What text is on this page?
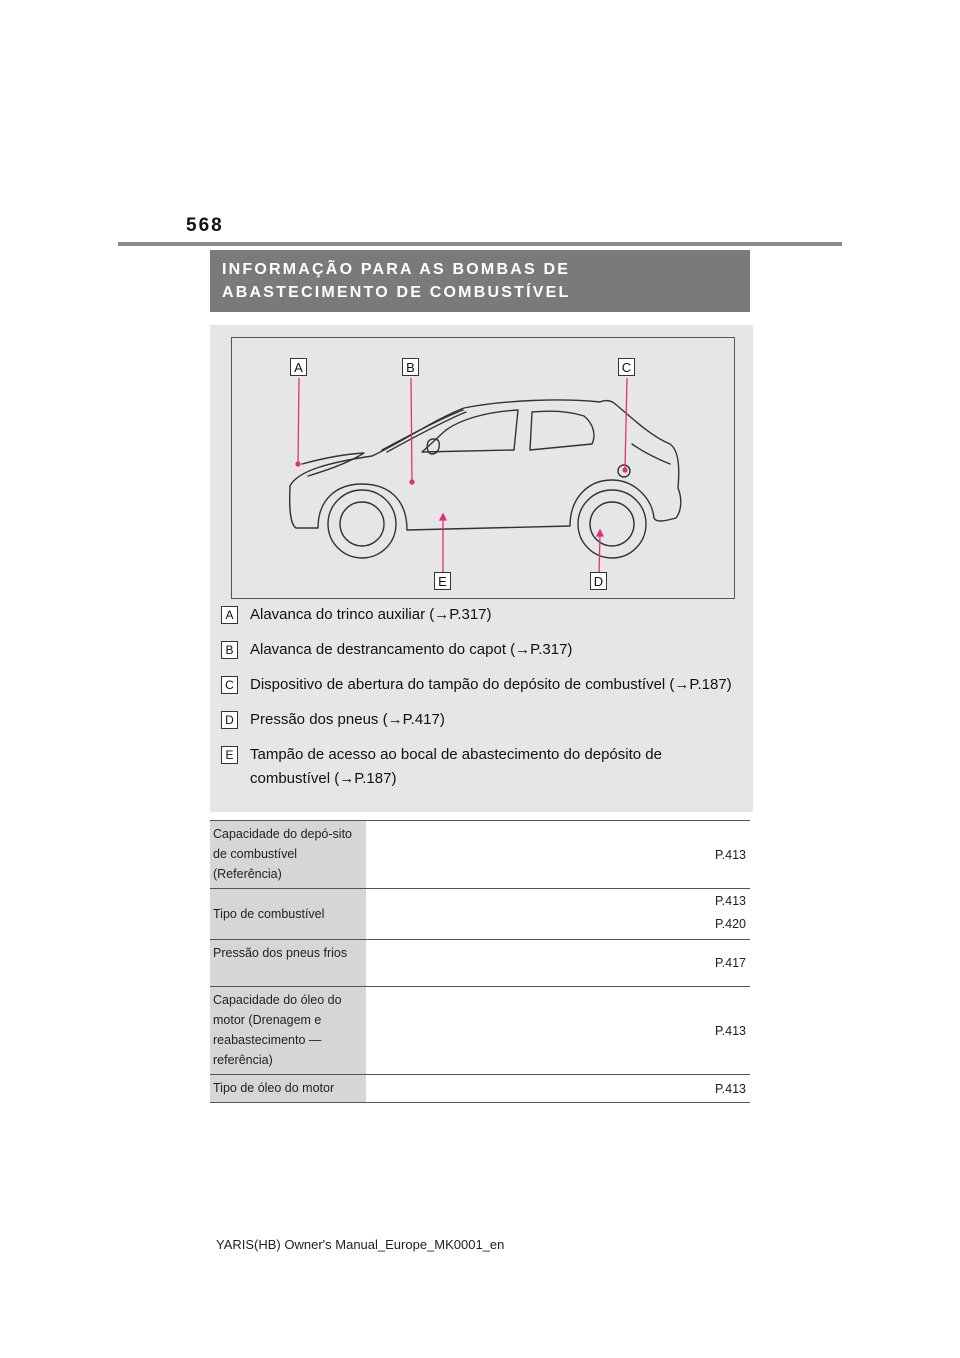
568
INFORMAÇÃO PARA AS BOMBAS DE ABASTECIMENTO DE COMBUSTÍVEL
A	B	C
E	D
A	Alavanca do trinco auxiliar (→P.317)
B	Alavanca de destrancamento do capot (→P.317)
C Dispositivo de abertura do tampão do depósito de combustível (→P.187)
D Pressão dos pneus (→P.417)
E	Tampão de acesso ao bocal de abastecimento do depósito de combustível (→P.187)
Capacidade do depó-sito de combustível (Referência)	P.413

Tipo de combustível	P.413
P.420

Pressão dos pneus frios	P.417

Capacidade do óleo do motor (Drenagem e reabastecimento — referência)	P.413

Tipo de óleo do motor	P.413
YARIS(HB) Owner's Manual_Europe_MK0001_en
